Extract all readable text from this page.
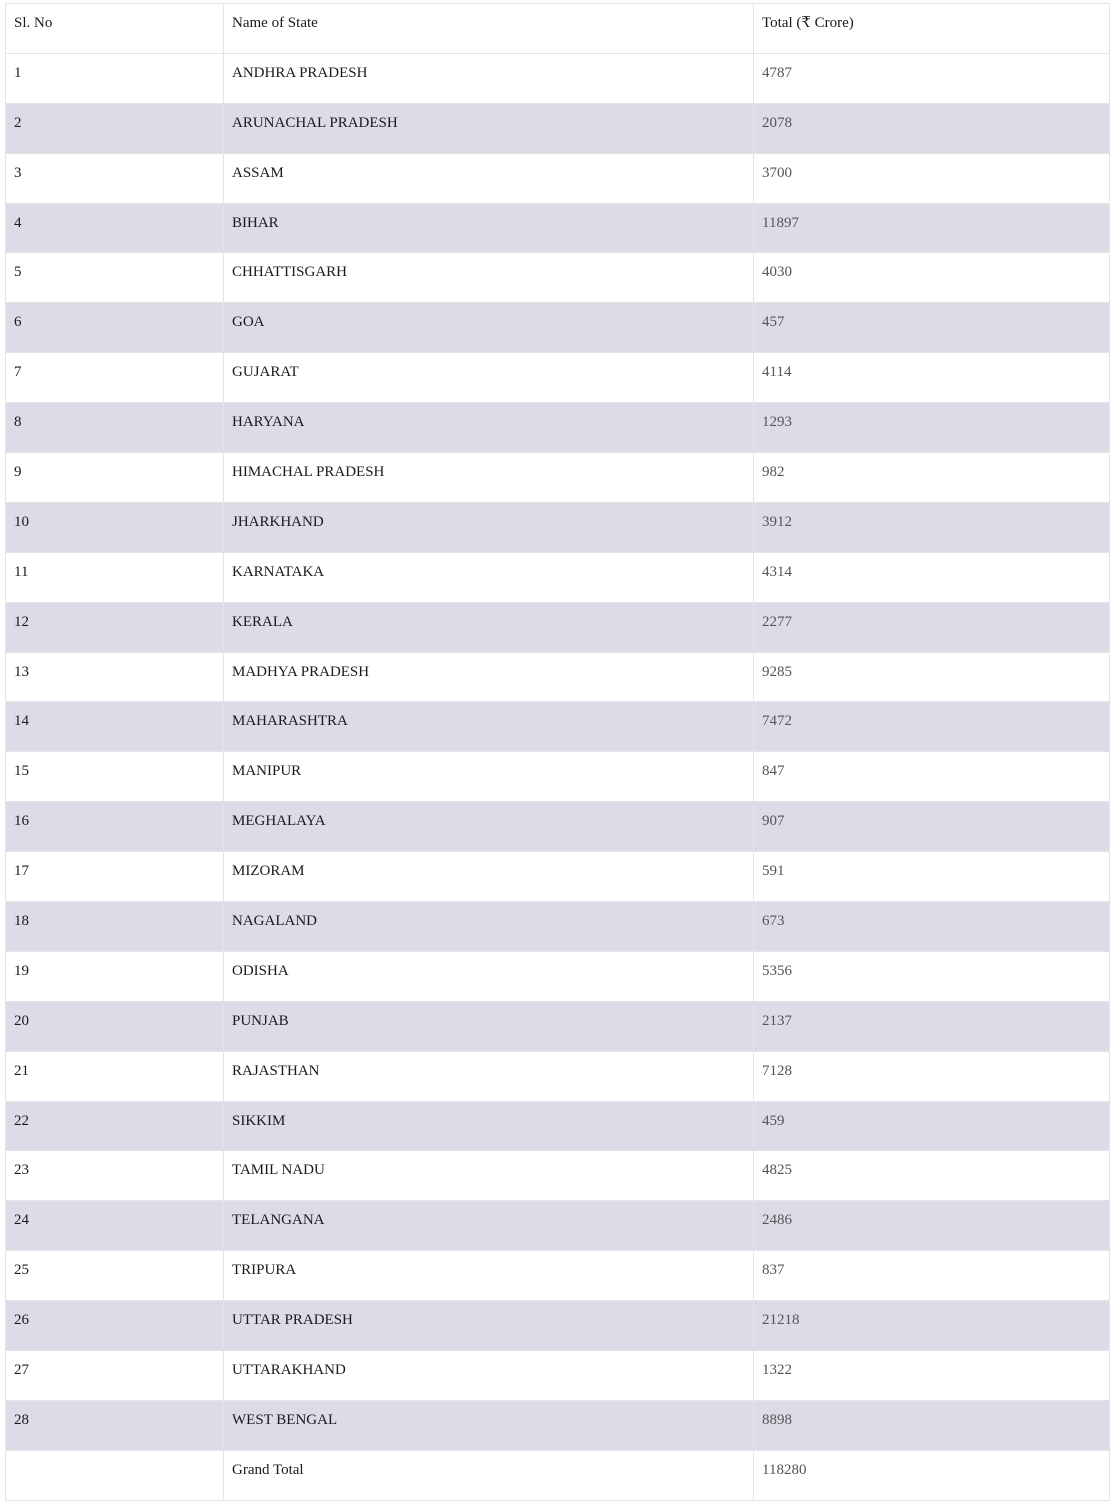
Sl. No	Name of State	Total (₹ Crore)
1	ANDHRA PRADESH	4787
2	ARUNACHAL PRADESH	2078
3	ASSAM	3700
4	BIHAR	11897
5	CHHATTISGARH	4030
6	GOA	457
7	GUJARAT	4114
8	HARYANA	1293
9	HIMACHAL PRADESH	982
10	JHARKHAND	3912
11	KARNATAKA	4314
12	KERALA	2277
13	MADHYA PRADESH	9285
14	MAHARASHTRA	7472
15	MANIPUR	847
16	MEGHALAYA	907
17	MIZORAM	591
18	NAGALAND	673
19	ODISHA	5356
20	PUNJAB	2137
21	RAJASTHAN	7128
22	SIKKIM	459
23	TAMIL NADU	4825
24	TELANGANA	2486
25	TRIPURA	837
26	UTTAR PRADESH	21218
27	UTTARAKHAND	1322
28	WEST BENGAL	8898
	Grand Total	118280
